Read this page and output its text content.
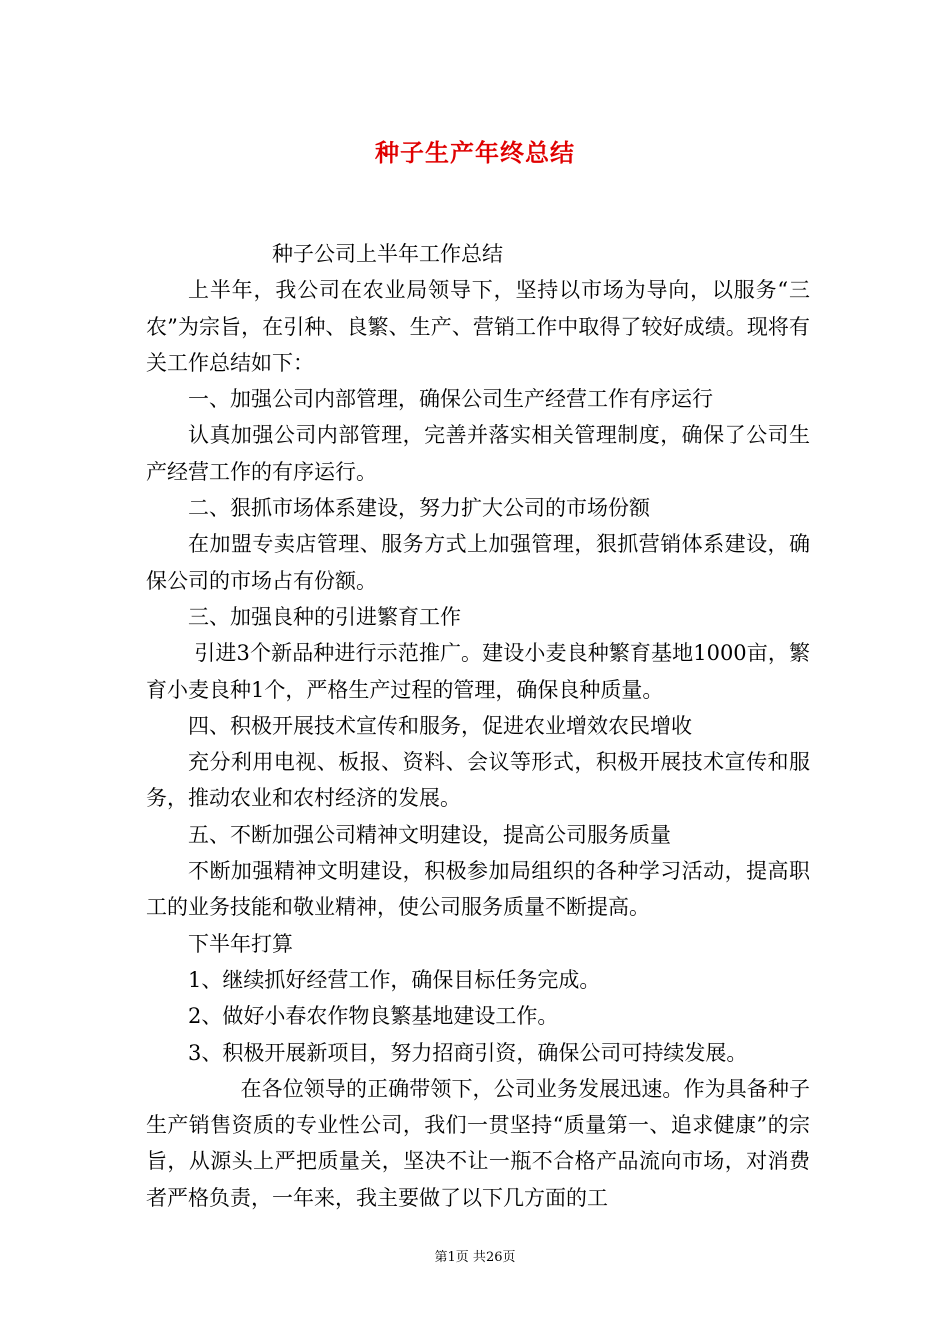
种子生产年终总结

种子公司上半年工作总结

上半年，我公司在农业局领导下，坚持以市场为导向，以服务“三农”为宗旨，在引种、良繁、生产、营销工作中取得了较好成绩。现将有关工作总结如下：

一、加强公司内部管理，确保公司生产经营工作有序运行

认真加强公司内部管理，完善并落实相关管理制度，确保了公司生产经营工作的有序运行。

二、狠抓市场体系建设，努力扩大公司的市场份额

在加盟专卖店管理、服务方式上加强管理，狠抓营销体系建设，确保公司的市场占有份额。

三、加强良种的引进繁育工作

引进3个新品种进行示范推广。建设小麦良种繁育基地1000亩，繁育小麦良种1个，严格生产过程的管理，确保良种质量。

四、积极开展技术宣传和服务，促进农业增效农民增收

充分利用电视、板报、资料、会议等形式，积极开展技术宣传和服务，推动农业和农村经济的发展。

五、不断加强公司精神文明建设，提高公司服务质量

不断加强精神文明建设，积极参加局组织的各种学习活动，提高职工的业务技能和敬业精神，使公司服务质量不断提高。

下半年打算

1、继续抓好经营工作，确保目标任务完成。

2、做好小春农作物良繁基地建设工作。

3、积极开展新项目，努力招商引资，确保公司可持续发展。

在各位领导的正确带领下，公司业务发展迅速。作为具备种子生产销售资质的专业性公司，我们一贯坚持“质量第一、追求健康”的宗旨，从源头上严把质量关，坚决不让一瓶不合格产品流向市场，对消费者严格负责，一年来，我主要做了以下几方面的工

第1页 共26页
